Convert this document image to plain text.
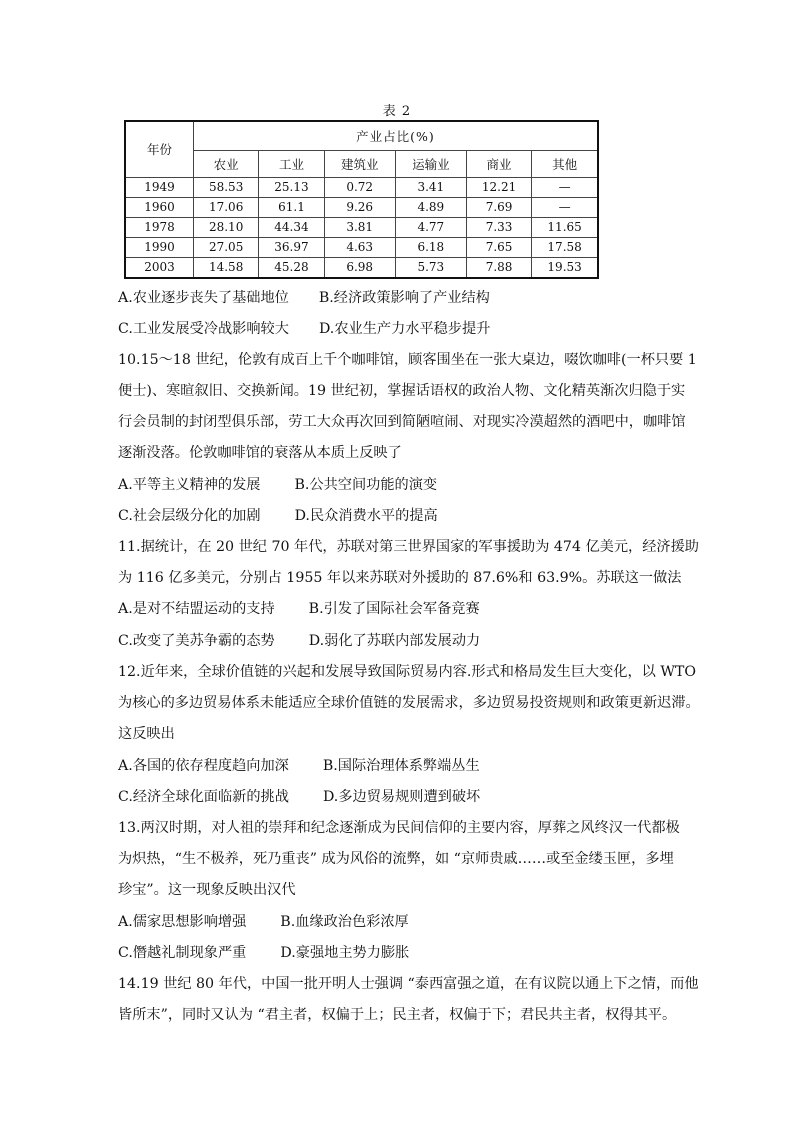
表 2
年份	产业占比(%)					
	农业	工业	建筑业	运输业	商业	其他
1949	58.53	25.13	0.72	3.41	12.21	—
1960	17.06	61.1	9.26	4.89	7.69	—
1978	28.10	44.34	3.81	4.77	7.33	11.65
1990	27.05	36.97	4.63	6.18	7.65	17.58
2003	14.58	45.28	6.98	5.73	7.88	19.53
A.农业逐步丧失了基础地位 B.经济政策影响了产业结构
C.工业发展受冷战影响较大 D.农业生产力水平稳步提升
10.15～18 世纪，伦敦有成百上千个咖啡馆，顾客围坐在一张大桌边，啜饮咖啡(一杯只要 1
便士)、寒暄叙旧、交换新闻。19 世纪初，掌握话语权的政治人物、文化精英渐次归隐于实
行会员制的封闭型俱乐部，劳工大众再次回到简陋喧闹、对现实冷漠超然的酒吧中，咖啡馆
逐渐没落。伦敦咖啡馆的衰落从本质上反映了
A.平等主义精神的发展 B.公共空间功能的演变
C.社会层级分化的加剧 D.民众消费水平的提高
11.据统计，在 20 世纪 70 年代，苏联对第三世界国家的军事援助为 474 亿美元，经济援助
为 116 亿多美元，分别占 1955 年以来苏联对外援助的 87.6%和 63.9%。苏联这一做法
A.是对不结盟运动的支持 B.引发了国际社会军备竞赛
C.改变了美苏争霸的态势 D.弱化了苏联内部发展动力
12.近年来，全球价值链的兴起和发展导致国际贸易内容.形式和格局发生巨大变化，以 WTO
为核心的多边贸易体系未能适应全球价值链的发展需求，多边贸易投资规则和政策更新迟滞。
这反映出
A.各国的依存程度趋向加深 B.国际治理体系弊端丛生
C.经济全球化面临新的挑战 D.多边贸易规则遭到破坏
13.两汉时期，对人祖的崇拜和纪念逐渐成为民间信仰的主要内容，厚葬之风终汉一代都极
为炽热，“生不极养，死乃重丧” 成为风俗的流弊，如 “京师贵戚……或至金缕玉匣，多埋
珍宝”。这一现象反映出汉代
A.儒家思想影响增强 B.血缘政治色彩浓厚
C.僭越礼制现象严重 D.豪强地主势力膨胀
14.19 世纪 80 年代，中国一批开明人士强调 “泰西富强之道，在有议院以通上下之情，而他
皆所末”，同时又认为 “君主者，权偏于上；民主者，权偏于下；君民共主者，权得其平。
